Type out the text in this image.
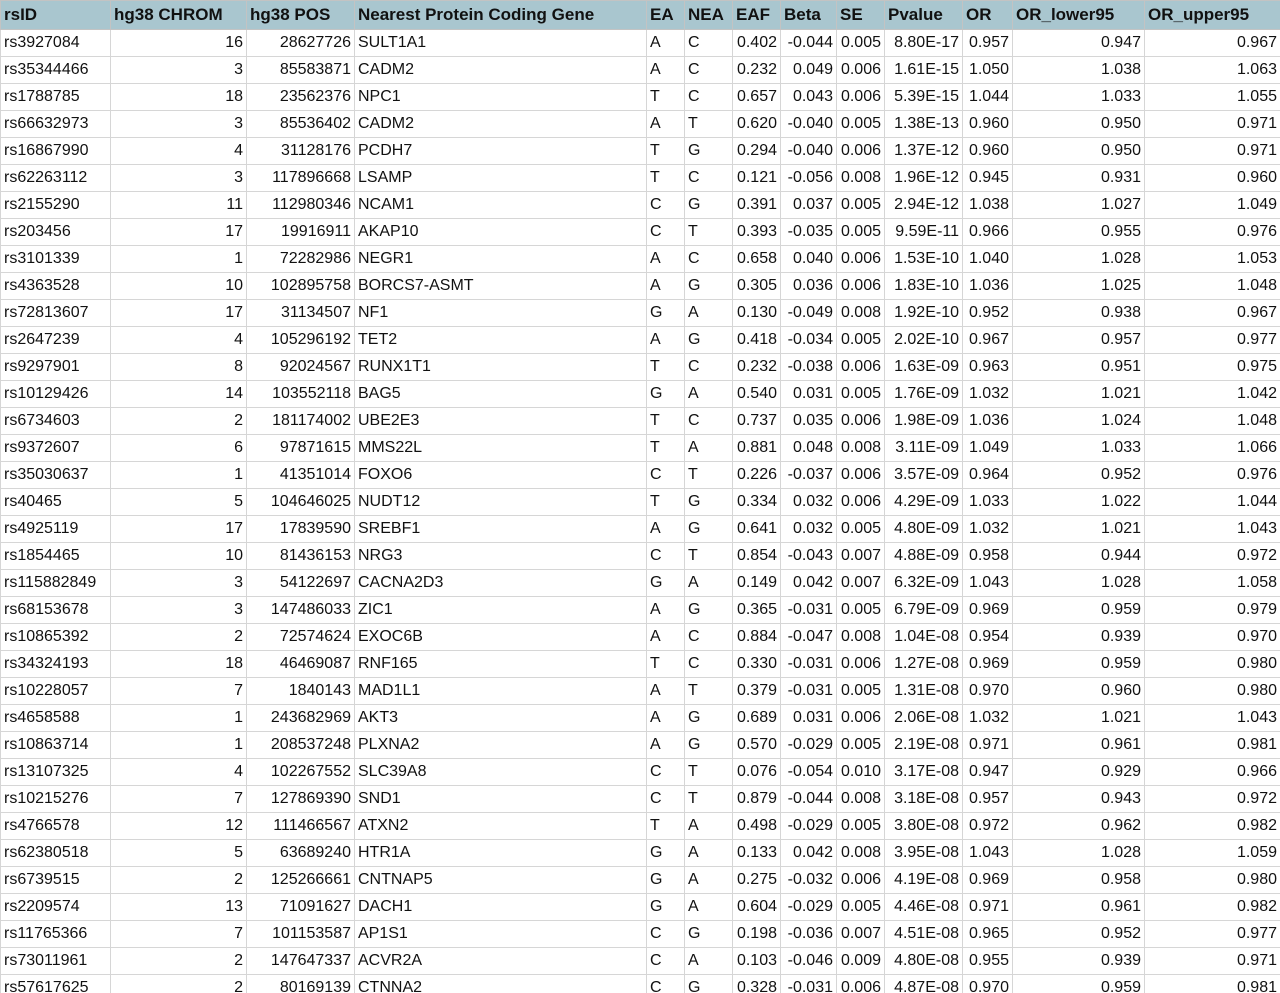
rsID	hg38 CHROM	hg38 POS	Nearest Protein Coding Gene	EA	NEA	EAF	Beta	SE	Pvalue	OR	OR_lower95	OR_upper95
rs3927084	16	28627726	SULT1A1	A	C	0.402	-0.044	0.005	8.80E-17	0.957	0.947	0.967
rs35344466	3	85583871	CADM2	A	C	0.232	0.049	0.006	1.61E-15	1.050	1.038	1.063
rs1788785	18	23562376	NPC1	T	C	0.657	0.043	0.006	5.39E-15	1.044	1.033	1.055
rs66632973	3	85536402	CADM2	A	T	0.620	-0.040	0.005	1.38E-13	0.960	0.950	0.971
rs16867990	4	31128176	PCDH7	T	G	0.294	-0.040	0.006	1.37E-12	0.960	0.950	0.971
rs62263112	3	117896668	LSAMP	T	C	0.121	-0.056	0.008	1.96E-12	0.945	0.931	0.960
rs2155290	11	112980346	NCAM1	C	G	0.391	0.037	0.005	2.94E-12	1.038	1.027	1.049
rs203456	17	19916911	AKAP10	C	T	0.393	-0.035	0.005	9.59E-11	0.966	0.955	0.976
rs3101339	1	72282986	NEGR1	A	C	0.658	0.040	0.006	1.53E-10	1.040	1.028	1.053
rs4363528	10	102895758	BORCS7-ASMT	A	G	0.305	0.036	0.006	1.83E-10	1.036	1.025	1.048
rs72813607	17	31134507	NF1	G	A	0.130	-0.049	0.008	1.92E-10	0.952	0.938	0.967
rs2647239	4	105296192	TET2	A	G	0.418	-0.034	0.005	2.02E-10	0.967	0.957	0.977
rs9297901	8	92024567	RUNX1T1	T	C	0.232	-0.038	0.006	1.63E-09	0.963	0.951	0.975
rs10129426	14	103552118	BAG5	G	A	0.540	0.031	0.005	1.76E-09	1.032	1.021	1.042
rs6734603	2	181174002	UBE2E3	T	C	0.737	0.035	0.006	1.98E-09	1.036	1.024	1.048
rs9372607	6	97871615	MMS22L	T	A	0.881	0.048	0.008	3.11E-09	1.049	1.033	1.066
rs35030637	1	41351014	FOXO6	C	T	0.226	-0.037	0.006	3.57E-09	0.964	0.952	0.976
rs40465	5	104646025	NUDT12	T	G	0.334	0.032	0.006	4.29E-09	1.033	1.022	1.044
rs4925119	17	17839590	SREBF1	A	G	0.641	0.032	0.005	4.80E-09	1.032	1.021	1.043
rs1854465	10	81436153	NRG3	C	T	0.854	-0.043	0.007	4.88E-09	0.958	0.944	0.972
rs115882849	3	54122697	CACNA2D3	G	A	0.149	0.042	0.007	6.32E-09	1.043	1.028	1.058
rs68153678	3	147486033	ZIC1	A	G	0.365	-0.031	0.005	6.79E-09	0.969	0.959	0.979
rs10865392	2	72574624	EXOC6B	A	C	0.884	-0.047	0.008	1.04E-08	0.954	0.939	0.970
rs34324193	18	46469087	RNF165	T	C	0.330	-0.031	0.006	1.27E-08	0.969	0.959	0.980
rs10228057	7	1840143	MAD1L1	A	T	0.379	-0.031	0.005	1.31E-08	0.970	0.960	0.980
rs4658588	1	243682969	AKT3	A	G	0.689	0.031	0.006	2.06E-08	1.032	1.021	1.043
rs10863714	1	208537248	PLXNA2	A	G	0.570	-0.029	0.005	2.19E-08	0.971	0.961	0.981
rs13107325	4	102267552	SLC39A8	C	T	0.076	-0.054	0.010	3.17E-08	0.947	0.929	0.966
rs10215276	7	127869390	SND1	C	T	0.879	-0.044	0.008	3.18E-08	0.957	0.943	0.972
rs4766578	12	111466567	ATXN2	T	A	0.498	-0.029	0.005	3.80E-08	0.972	0.962	0.982
rs62380518	5	63689240	HTR1A	G	A	0.133	0.042	0.008	3.95E-08	1.043	1.028	1.059
rs6739515	2	125266661	CNTNAP5	G	A	0.275	-0.032	0.006	4.19E-08	0.969	0.958	0.980
rs2209574	13	71091627	DACH1	G	A	0.604	-0.029	0.005	4.46E-08	0.971	0.961	0.982
rs11765366	7	101153587	AP1S1	C	G	0.198	-0.036	0.007	4.51E-08	0.965	0.952	0.977
rs73011961	2	147647337	ACVR2A	C	A	0.103	-0.046	0.009	4.80E-08	0.955	0.939	0.971
rs57617625	2	80169139	CTNNA2	C	G	0.328	-0.031	0.006	4.87E-08	0.970	0.959	0.981
